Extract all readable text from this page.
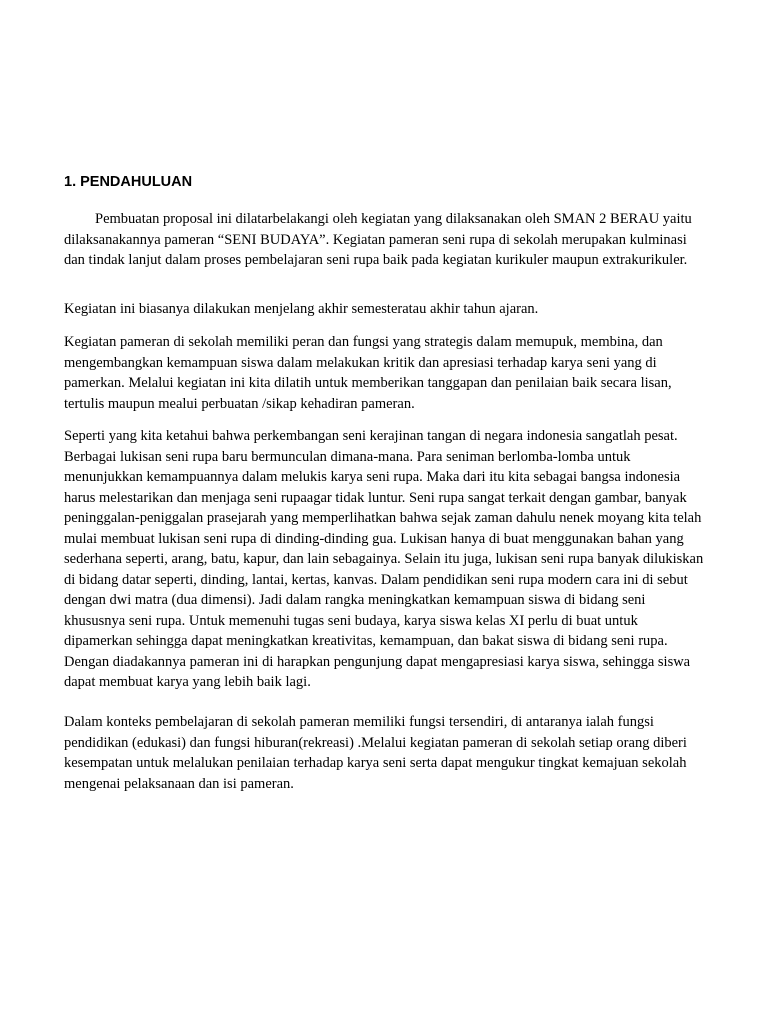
1. PENDAHULUAN

Pembuatan proposal ini dilatarbelakangi oleh kegiatan yang dilaksanakan oleh SMAN 2 BERAU yaitu dilaksanakannya pameran “SENI BUDAYA”. Kegiatan pameran seni rupa di sekolah merupakan kulminasi dan tindak lanjut dalam proses pembelajaran seni rupa baik pada kegiatan kurikuler maupun extrakurikuler.

Kegiatan ini biasanya dilakukan menjelang akhir semesteratau akhir tahun ajaran.

Kegiatan pameran di sekolah memiliki peran dan fungsi yang strategis dalam memupuk, membina, dan mengembangkan kemampuan siswa dalam melakukan kritik dan apresiasi terhadap karya seni yang di pamerkan. Melalui kegiatan ini kita dilatih untuk memberikan tanggapan dan penilaian baik secara lisan, tertulis maupun mealui perbuatan /sikap kehadiran pameran.

Seperti yang kita ketahui bahwa perkembangan seni kerajinan tangan di negara indonesia sangatlah pesat. Berbagai lukisan seni rupa baru bermunculan dimana-mana. Para seniman berlomba-lomba untuk menunjukkan kemampuannya dalam melukis karya seni rupa. Maka dari itu kita sebagai bangsa indonesia harus melestarikan dan menjaga seni rupaagar tidak luntur. Seni rupa sangat terkait dengan gambar, banyak peninggalan-peniggalan prasejarah yang memperlihatkan bahwa sejak zaman dahulu nenek moyang kita telah mulai membuat lukisan seni rupa di dinding-dinding gua. Lukisan hanya di buat menggunakan bahan yang sederhana seperti, arang, batu, kapur, dan lain sebagainya. Selain itu juga, lukisan seni rupa banyak dilukiskan di bidang datar seperti, dinding, lantai, kertas, kanvas. Dalam pendidikan seni rupa modern cara ini di sebut dengan dwi matra (dua dimensi). Jadi dalam rangka meningkatkan kemampuan siswa di bidang seni khususnya seni rupa. Untuk memenuhi tugas seni budaya, karya siswa kelas XI perlu di buat untuk dipamerkan sehingga dapat meningkatkan kreativitas, kemampuan, dan bakat siswa di bidang seni rupa. Dengan diadakannya pameran ini di harapkan pengunjung dapat mengapresiasi karya siswa, sehingga siswa dapat membuat karya yang lebih baik lagi.

Dalam konteks pembelajaran di sekolah pameran memiliki fungsi tersendiri, di antaranya ialah fungsi pendidikan (edukasi) dan fungsi hiburan(rekreasi) .Melalui kegiatan pameran di sekolah setiap orang diberi kesempatan untuk melalukan penilaian terhadap karya seni serta dapat mengukur tingkat kemajuan sekolah mengenai pelaksanaan dan isi pameran.
